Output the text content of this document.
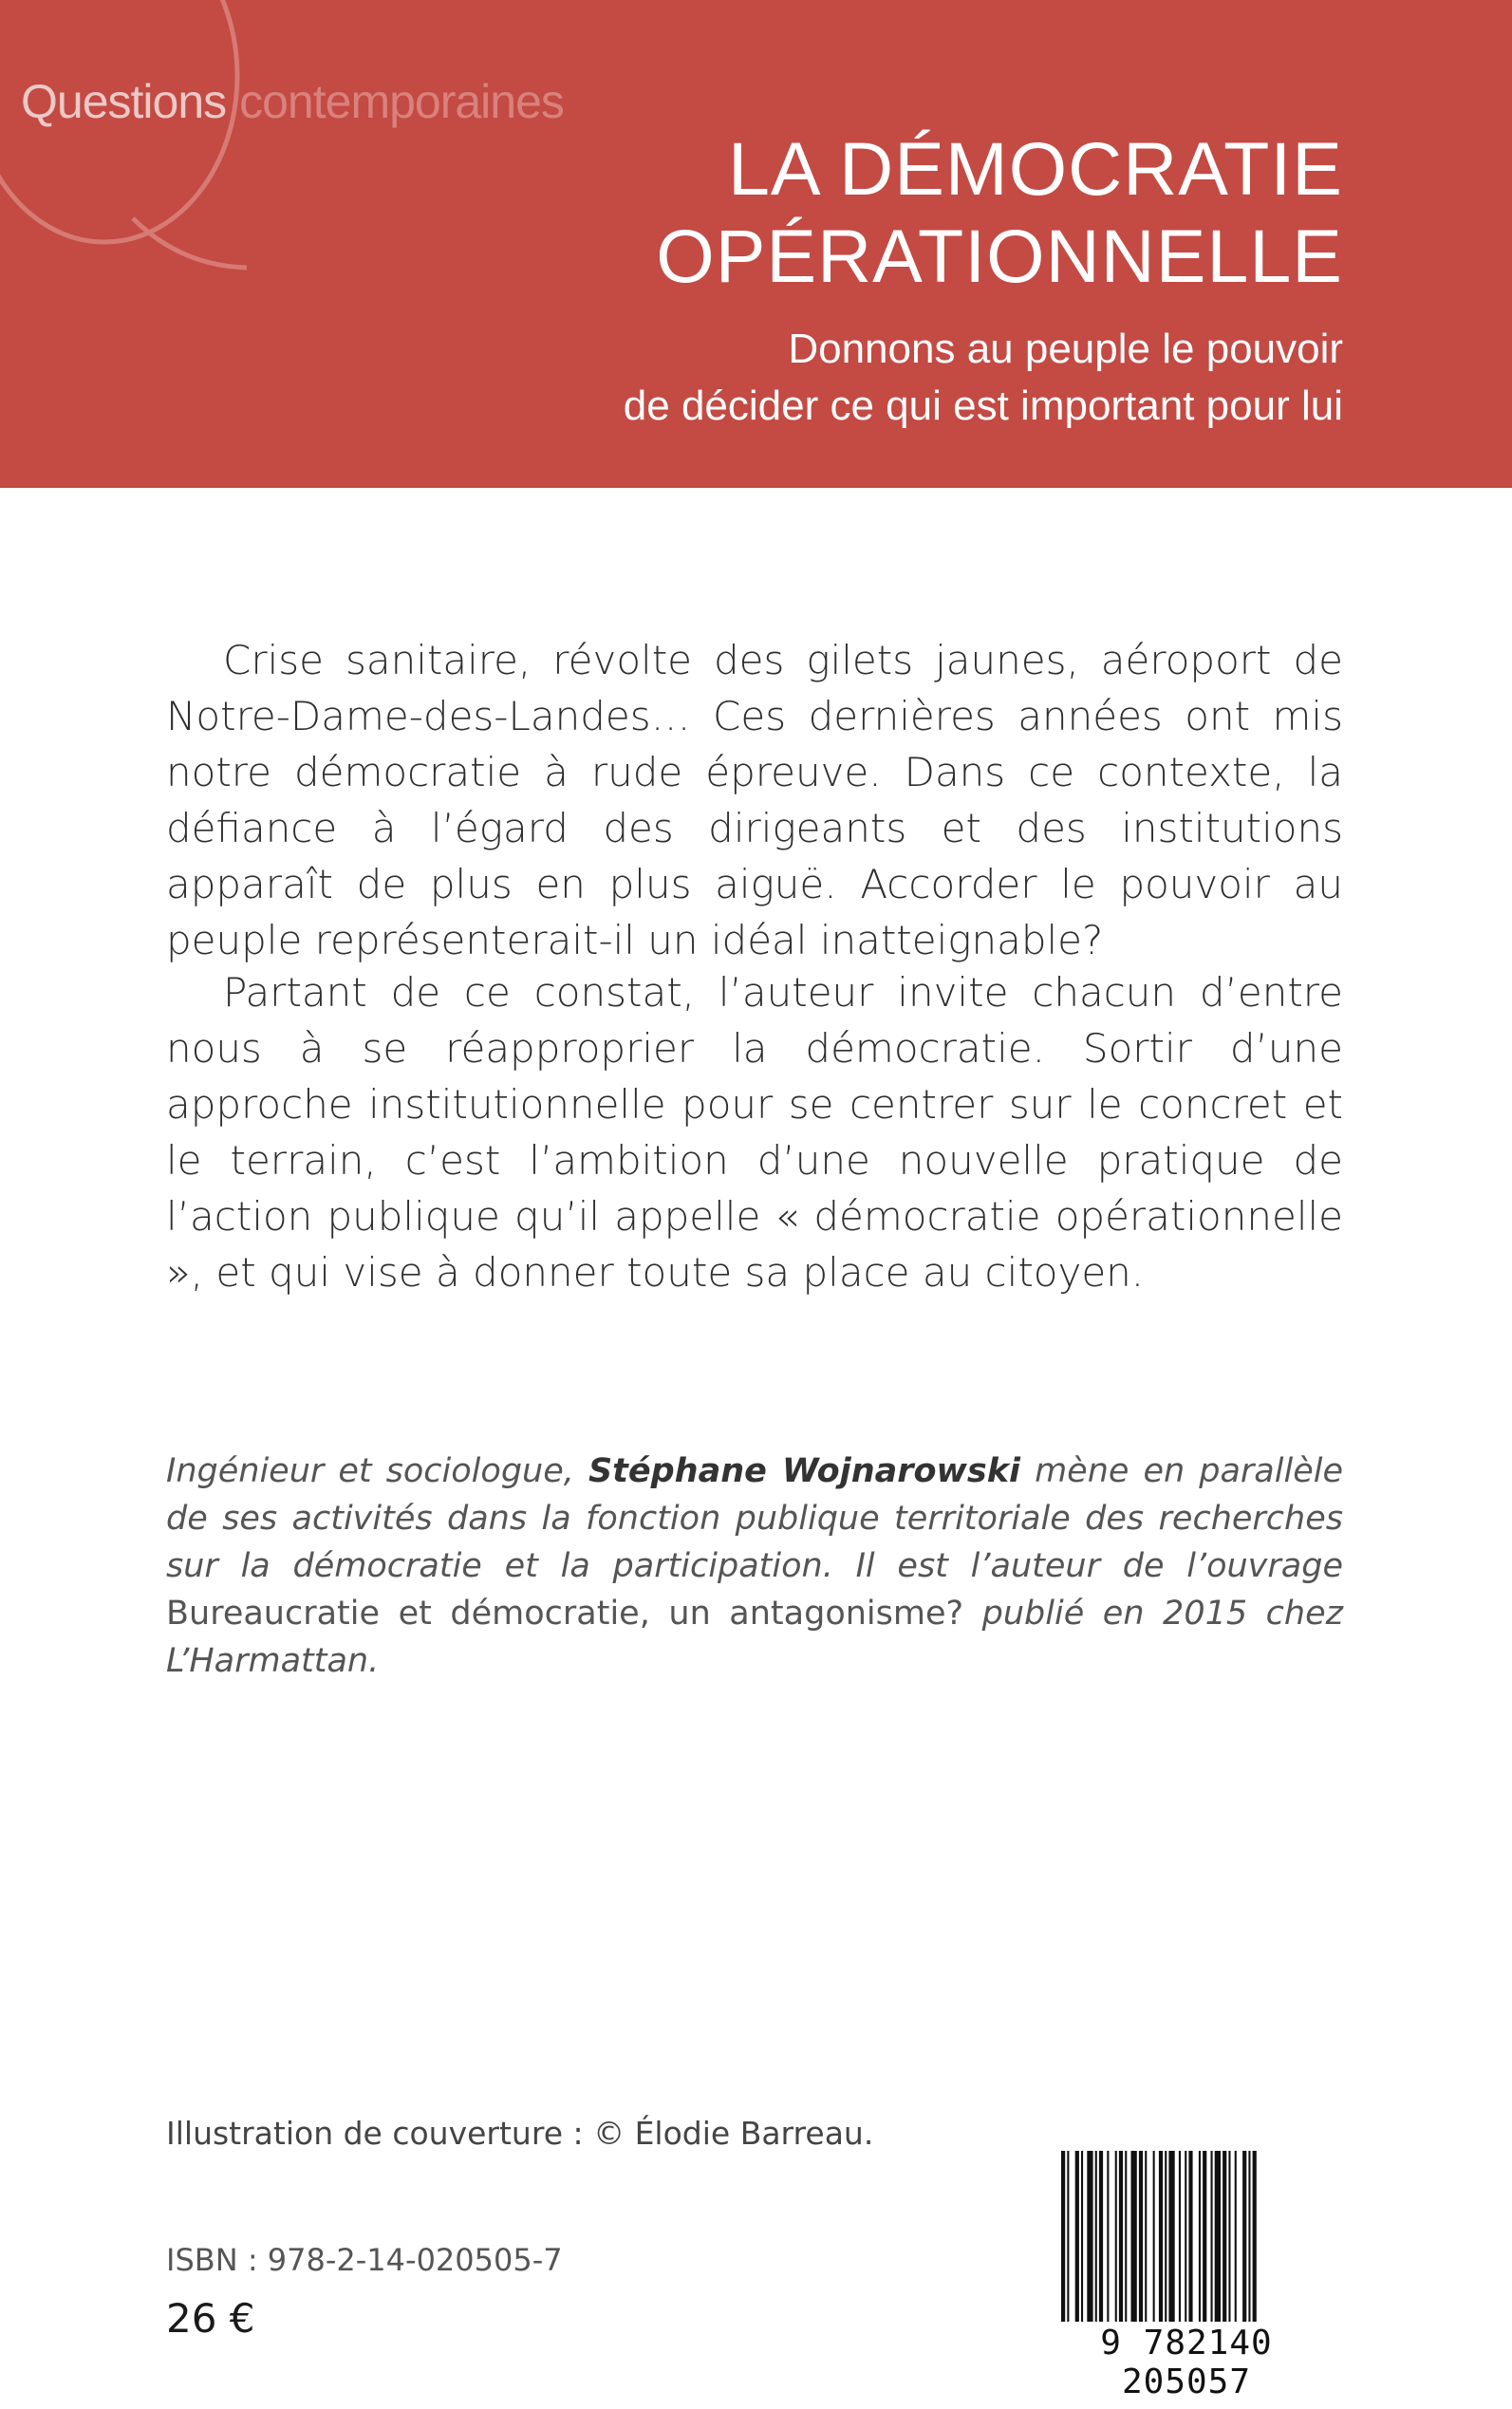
Questions contemporaines
LA DÉMOCRATIE
OPÉRATIONNELLE
Donnons au peuple le pouvoir
de décider ce qui est important pour lui

Crise sanitaire, révolte des gilets jaunes, aéroport de Notre-Dame-des-Landes… Ces dernières années ont mis notre démocratie à rude épreuve. Dans ce contexte, la défiance à l’égard des dirigeants et des institutions apparaît de plus en plus aiguë. Accorder le pouvoir au peuple représenterait-il un idéal inatteignable?

Partant de ce constat, l’auteur invite chacun d’entre nous à se réapproprier la démocratie. Sortir d’une approche institutionnelle pour se centrer sur le concret et le terrain, c’est l’ambition d’une nouvelle pratique de l’action publique qu’il appelle « démocratie opérationnelle », et qui vise à donner toute sa place au citoyen.

Ingénieur et sociologue, Stéphane Wojnarowski mène en parallèle de ses activités dans la fonction publique territoriale des recherches sur la démocratie et la participation. Il est l’auteur de l’ouvrage Bureaucratie et démocratie, un antagonisme? publié en 2015 chez L’Harmattan.

Illustration de couverture : © Élodie Barreau.
ISBN : 978-2-14-020505-7
26 €
9 782140 205057
